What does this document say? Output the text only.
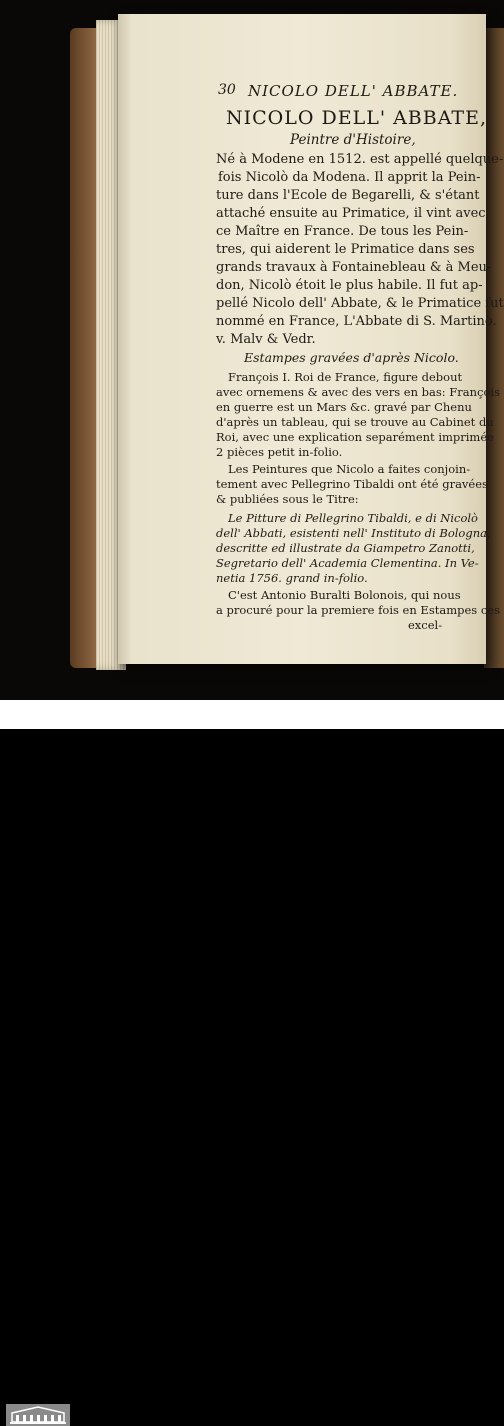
30 NICOLO DELL' ABBATE.
NICOLO DELL' ABBATE,
Peintre d'Histoire,
Né à Modene en 1512. est appellé quelque-
fois Nicolò da Modena. Il apprit la Pein-
ture dans l'Ecole de Begarelli, & s'étant
attaché ensuite au Primatice, il vint avec
ce Maître en France. De tous les Pein-
tres, qui aiderent le Primatice dans ses
grands travaux à Fontainebleau & à Meu-
don, Nicolò étoit le plus habile. Il fut ap-
pellé Nicolo dell' Abbate, & le Primatice fut
nommé en France, L'Abbate di S. Martino.
v. Malv & Vedr.
Estampes gravées d'après Nicolo.
François I. Roi de France, figure debout
avec ornemens & avec des vers en bas: François
en guerre est un Mars &c. gravé par Chenu
d'après un tableau, qui se trouve au Cabinet du
Roi, avec une explication separément imprimée
2 pièces petit in-folio.
Les Peintures que Nicolo a faites conjoin-
tement avec Pellegrino Tibaldi ont été gravées
& publiées sous le Titre:
Le Pitture di Pellegrino Tibaldi, e di Nicolò
dell' Abbati, esistenti nell' Instituto di Bologna,
descritte ed illustrate da Giampetro Zanotti,
Segretario dell' Academia Clementina. In Ve-
netia 1756. grand in-folio.
C'est Antonio Buralti Bolonois, qui nous
a procuré pour la premiere fois en Estampes ces
excel-
